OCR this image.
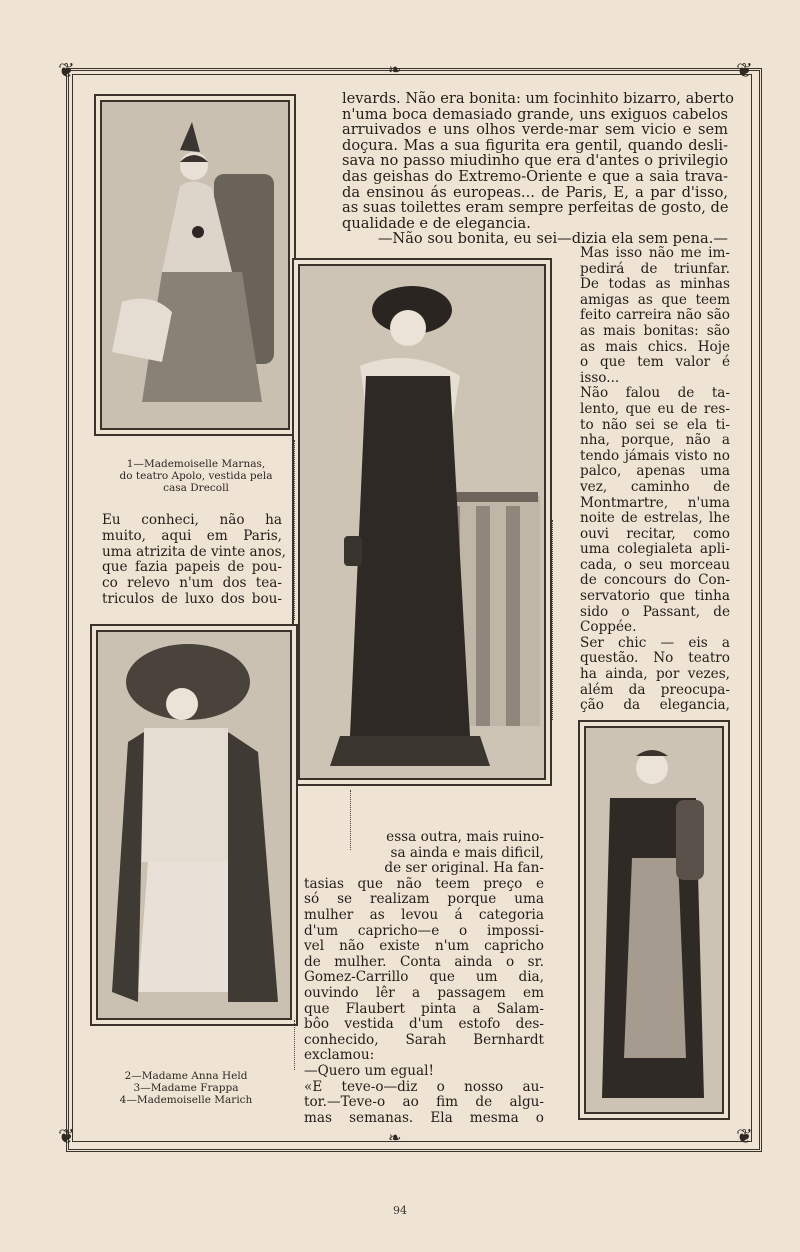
❦	❦
❦	❦
❧
❧
1—Mademoiselle Marnas,
do teatro Apolo, vestida pela
casa Drecoll
2—Madame Anna Held
3—Madame Frappa
4—Mademoiselle Marich
levards. Não era bonita: um focinhito bizarro, aberto
n'uma boca demasiado grande, uns exiguos cabelos
arruivados e uns olhos verde-mar sem vicio e sem
doçura. Mas a sua figurita era gentil, quando desli-
sava no passo miudinho que era d'antes o privilegio
das geishas do Extremo-Oriente e que a saia trava-
da ensinou ás europeas... de Paris, E, a par d'isso,
as suas toilettes eram sempre perfeitas de gosto, de
qualidade e de elegancia.
—Não sou bonita, eu sei—dizia ela sem pena.—
Mas isso não me im-
pedirá de triunfar.
De todas as minhas
amigas as que teem
feito carreira não são
as mais bonitas: são
as mais chics. Hoje
o que tem valor é
isso...
Não falou de ta-
lento, que eu de res-
to não sei se ela ti-
nha, porque, não a
tendo jámais visto no
palco, apenas uma
vez, caminho de
Montmartre, n'uma
noite de estrelas, lhe
ouvi recitar, como
uma colegialeta apli-
cada, o seu morceau
de concours do Con-
servatorio que tinha
sido o Passant, de
Coppée.
Ser chic — eis a
questão. No teatro
ha ainda, por vezes,
além da preocupa-
ção da elegancia,
Eu conheci, não ha
muito, aqui em Paris,
uma atrizita de vinte anos,
que fazia papeis de pou-
co relevo n'um dos tea-
triculos de luxo dos bou-
essa outra, mais ruino-
sa ainda e mais dificil,
de ser original. Ha fan-
tasias que não teem preço e
só se realizam porque uma
mulher as levou á categoria
d'um capricho—e o impossi-
vel não existe n'um capricho
de mulher. Conta ainda o sr.
Gomez-Carrillo que um dia,
ouvindo lêr a passagem em
que Flaubert pinta a Salam-
bôo vestida d'um estofo des-
conhecido, Sarah Bernhardt
exclamou:
—Quero um egual!
«E teve-o—diz o nosso au-
tor.—Teve-o ao fim de algu-
mas semanas. Ela mesma o
94
